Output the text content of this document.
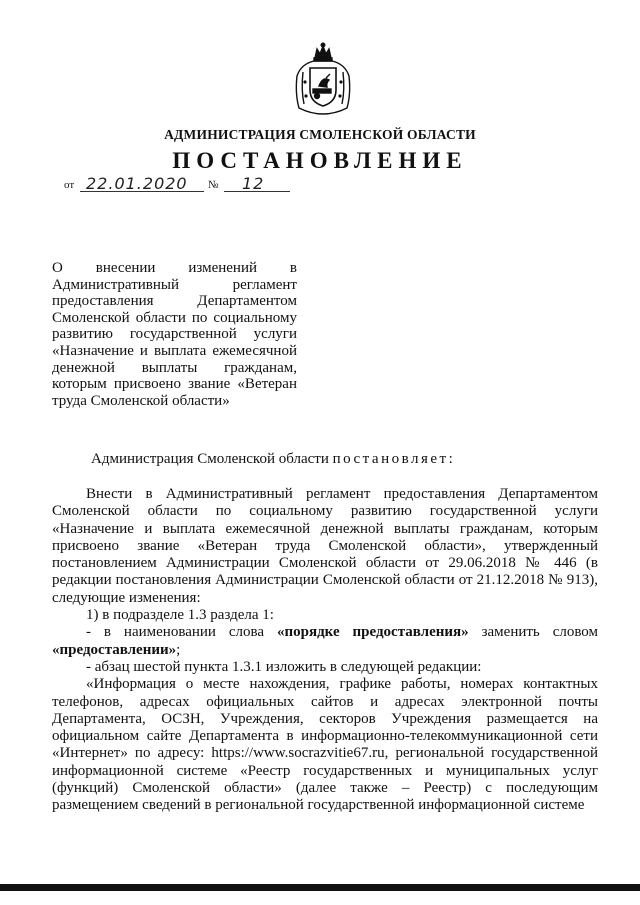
АДМИНИСТРАЦИЯ СМОЛЕНСКОЙ ОБЛАСТИ
ПОСТАНОВЛЕНИЕ
от 22.01.2020 № 12
О внесении изменений в Административный регламент предоставления Департаментом Смоленской области по социальному развитию государственной услуги «Назначение и выплата ежемесячной денежной выплаты гражданам, которым присвоено звание «Ветеран труда Смоленской области»
Администрация Смоленской области постановляет:

Внести в Административный регламент предоставления Департаментом Смоленской области по социальному развитию государственной услуги «Назначение и выплата ежемесячной денежной выплаты гражданам, которым присвоено звание «Ветеран труда Смоленской области», утвержденный постановлением Администрации Смоленской области от 29.06.2018 № 446 (в редакции постановления Администрации Смоленской области от 21.12.2018 № 913), следующие изменения:

1) в подразделе 1.3 раздела 1:

- в наименовании слова «порядке предоставления» заменить словом «предоставлении»;

- абзац шестой пункта 1.3.1 изложить в следующей редакции:

«Информация о месте нахождения, графике работы, номерах контактных телефонов, адресах официальных сайтов и адресах электронной почты Департамента, ОСЗН, Учреждения, секторов Учреждения размещается на официальном сайте Департамента в информационно-телекоммуникационной сети «Интернет» по адресу: https://www.socrazvitie67.ru, региональной государственной информационной системе «Реестр государственных и муниципальных услуг (функций) Смоленской области» (далее также – Реестр) с последующим размещением сведений в региональной государственной информационной системе
